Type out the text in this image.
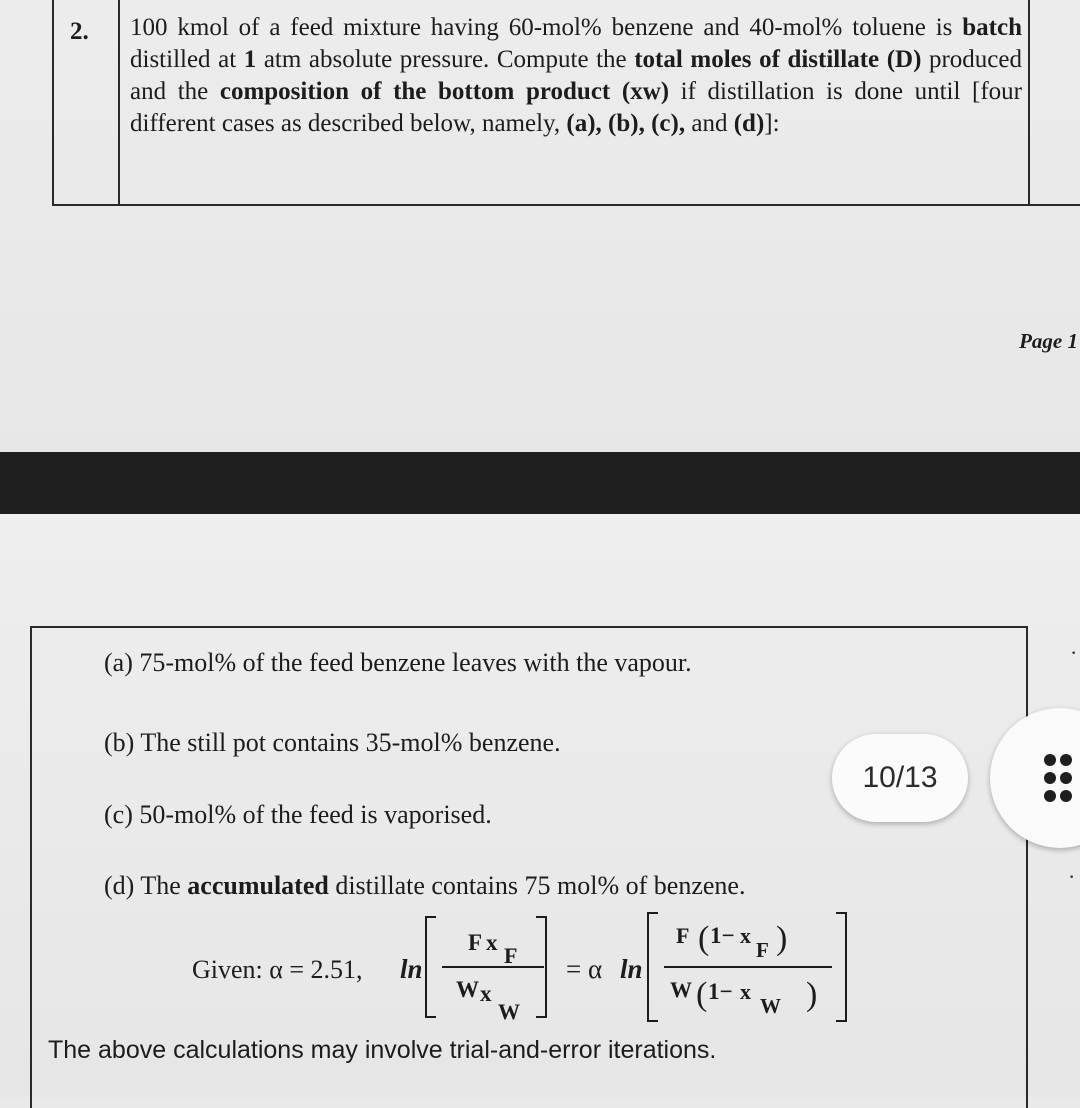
2. 100 kmol of a feed mixture having 60-mol% benzene and 40-mol% toluene is batch distilled at 1 atm absolute pressure. Compute the total moles of distillate (D) produced and the composition of the bottom product (xw) if distillation is done until [four different cases as described below, namely, (a), (b), (c), and (d)]:
Page 1
(a) 75-mol% of the feed benzene leaves with the vapour.
(b) The still pot contains 35-mol% benzene.
(c) 50-mol% of the feed is vaporised.
(d) The accumulated distillate contains 75 mol% of benzene.
Given: α = 2.51, ln
F x
F
W x
W
= α ln
F ( 1− x
F )
W ( 1− x
W )
The above calculations may involve trial-and-error iterations.
10/13
·
·
